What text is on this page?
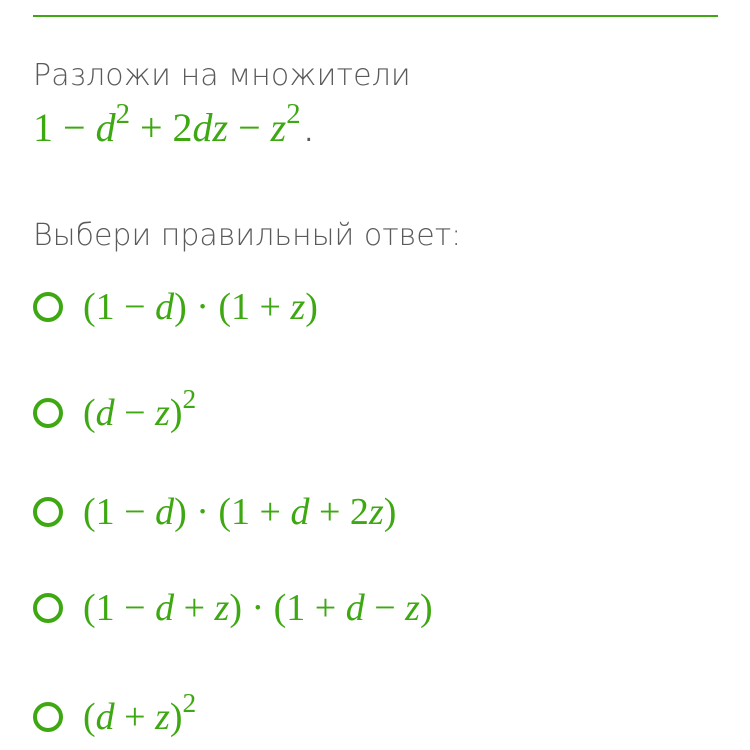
Разложи на множители
$1 - d^2 + 2dz - z^2$.
Выбери правильный ответ:
(1 − d) · (1 + z)
$(d - z)^2$
(1 − d) · (1 + d + 2z)
(1 − d + z) · (1 + d − z)
$(d + z)^2$
